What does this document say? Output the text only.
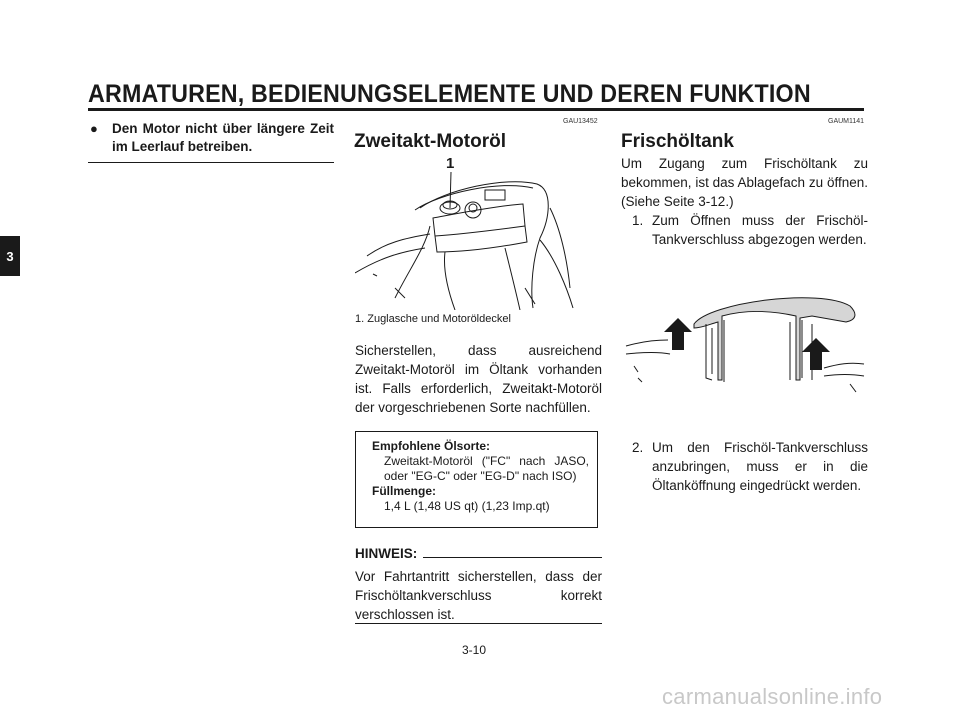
ARMATUREN, BEDIENUNGSELEMENTE UND DEREN FUNKTION
3
●	Den Motor nicht über längere Zeit im Leerlauf betreiben.
GAU13452
Zweitakt-Motoröl
1
1. Zuglasche und Motoröldeckel
Sicherstellen, dass ausreichend Zweitakt-Motoröl im Öltank vorhanden ist. Falls erforderlich, Zweitakt-Motoröl der vorgeschriebenen Sorte nachfüllen.
Empfohlene Ölsorte:
Zweitakt-Motoröl ("FC" nach JASO, oder "EG-C" oder "EG-D" nach ISO)
Füllmenge:
1,4 L (1,48 US qt) (1,23 Imp.qt)
HINWEIS:
Vor Fahrtantritt sicherstellen, dass der Frischöltankverschluss korrekt verschlossen ist.
3-10
GAUM1141
Frischöltank
Um Zugang zum Frischöltank zu bekommen, ist das Ablagefach zu öffnen. (Siehe Seite 3-12.)
1. Zum Öffnen muss der Frischöl-Tankverschluss abgezogen werden.
2. Um den Frischöl-Tankverschluss anzubringen, muss er in die Öltanköffnung eingedrückt werden.
carmanualsonline.info
